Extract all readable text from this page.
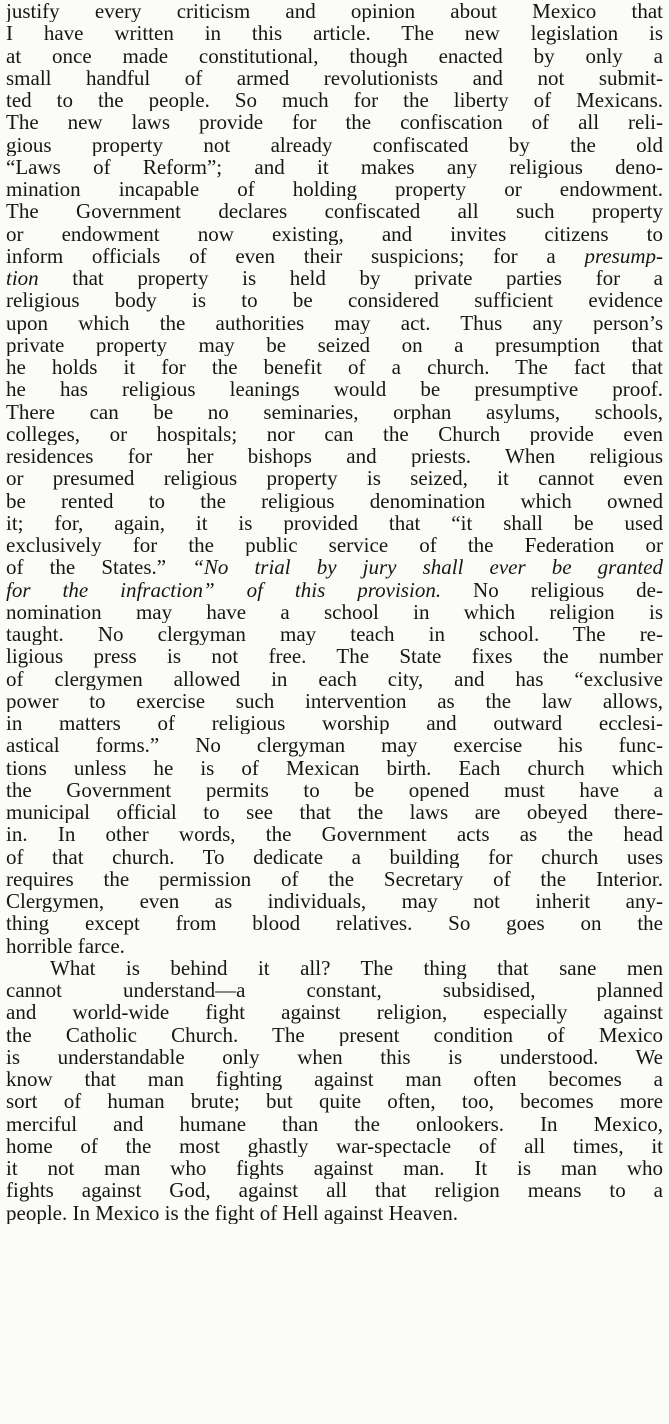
justify every criticism and opinion about Mexico that
I have written in this article. The new legislation is
at once made constitutional, though enacted by only a
small handful of armed revolutionists and not submit-
ted to the people. So much for the liberty of Mexicans.
The new laws provide for the confiscation of all reli-
gious property not already confiscated by the old
“Laws of Reform”; and it makes any religious deno-
mination incapable of holding property or endowment.
The Government declares confiscated all such property
or endowment now existing, and invites citizens to
inform officials of even their suspicions; for a presump-
tion that property is held by private parties for a
religious body is to be considered sufficient evidence
upon which the authorities may act. Thus any person’s
private property may be seized on a presumption that
he holds it for the benefit of a church. The fact that
he has religious leanings would be presumptive proof.
There can be no seminaries, orphan asylums, schools,
colleges, or hospitals; nor can the Church provide even
residences for her bishops and priests. When religious
or presumed religious property is seized, it cannot even
be rented to the religious denomination which owned
it; for, again, it is provided that “it shall be used
exclusively for the public service of the Federation or
of the States.” “No trial by jury shall ever be granted
for the infraction” of this provision. No religious de-
nomination may have a school in which religion is
taught. No clergyman may teach in school. The re-
ligious press is not free. The State fixes the number
of clergymen allowed in each city, and has “exclusive
power to exercise such intervention as the law allows,
in matters of religious worship and outward ecclesi-
astical forms.” No clergyman may exercise his func-
tions unless he is of Mexican birth. Each church which
the Government permits to be opened must have a
municipal official to see that the laws are obeyed there-
in. In other words, the Government acts as the head
of that church. To dedicate a building for church uses
requires the permission of the Secretary of the Interior.
Clergymen, even as individuals, may not inherit any-
thing except from blood relatives. So goes on the
horrible farce.
What is behind it all? The thing that sane men
cannot understand—a constant, subsidised, planned
and world-wide fight against religion, especially against
the Catholic Church. The present condition of Mexico
is understandable only when this is understood. We
know that man fighting against man often becomes a
sort of human brute; but quite often, too, becomes more
merciful and humane than the onlookers. In Mexico,
home of the most ghastly war-spectacle of all times, it
it not man who fights against man. It is man who
fights against God, against all that religion means to a
people. In Mexico is the fight of Hell against Heaven.
